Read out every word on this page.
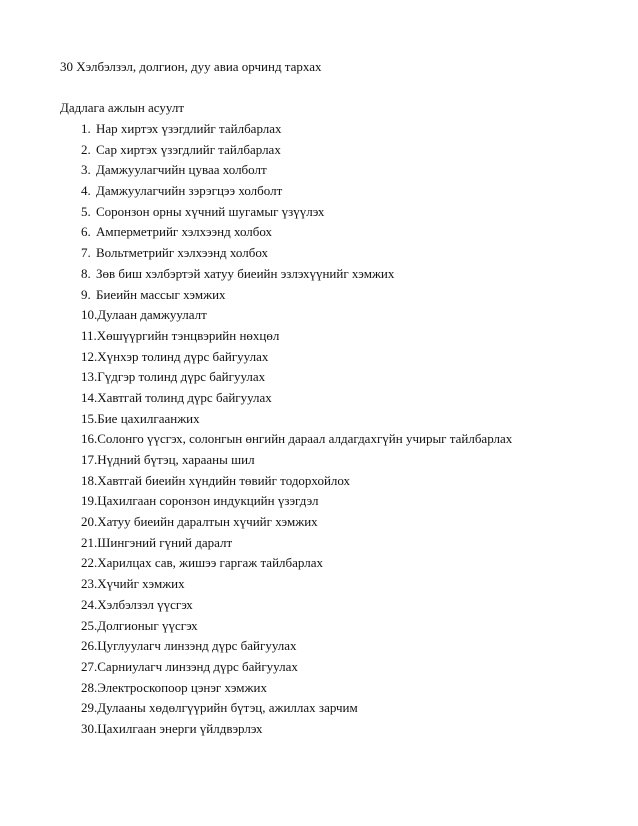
30 Хэлбэлзэл, долгион, дуу авиа орчинд тархах
Дадлага ажлын асуулт
1. Нар хиртэх үзэгдлийг тайлбарлах
2. Сар хиртэх үзэгдлийг тайлбарлах
3. Дамжуулагчийн цуваа холболт
4. Дамжуулагчийн зэрэгцээ холболт
5. Соронзон орны хүчний шугамыг үзүүлэх
6. Амперметрийг хэлхээнд холбох
7. Вольтметрийг хэлхээнд холбох
8. Зөв биш хэлбэртэй хатуу биеийн эзлэхүүнийг хэмжих
9. Биеийн массыг хэмжих
10. Дулаан дамжуулалт
11. Хөшүүргийн тэнцвэрийн нөхцөл
12. Хүнхэр толинд дүрс байгуулах
13. Гүдгэр толинд дүрс байгуулах
14. Хавтгай толинд дүрс байгуулах
15. Бие цахилгаанжих
16. Солонго үүсгэх, солонгын өнгийн дараал алдагдахгүйн учирыг тайлбарлах
17. Нүдний бүтэц, харааны шил
18. Хавтгай биеийн хүндийн төвийг тодорхойлох
19. Цахилгаан соронзон индукцийн үзэгдэл
20. Хатуу биеийн даралтын хүчийг хэмжих
21. Шингэний гүний даралт
22. Харилцах сав, жишээ гаргаж тайлбарлах
23. Хүчийг хэмжих
24. Хэлбэлзэл үүсгэх
25. Долгионыг үүсгэх
26. Цуглуулагч линзэнд дүрс байгуулах
27. Сарниулагч линзэнд дүрс байгуулах
28. Электроскопоор цэнэг хэмжих
29. Дулааны хөдөлгүүрийн бүтэц, ажиллах зарчим
30. Цахилгаан энерги үйлдвэрлэх
